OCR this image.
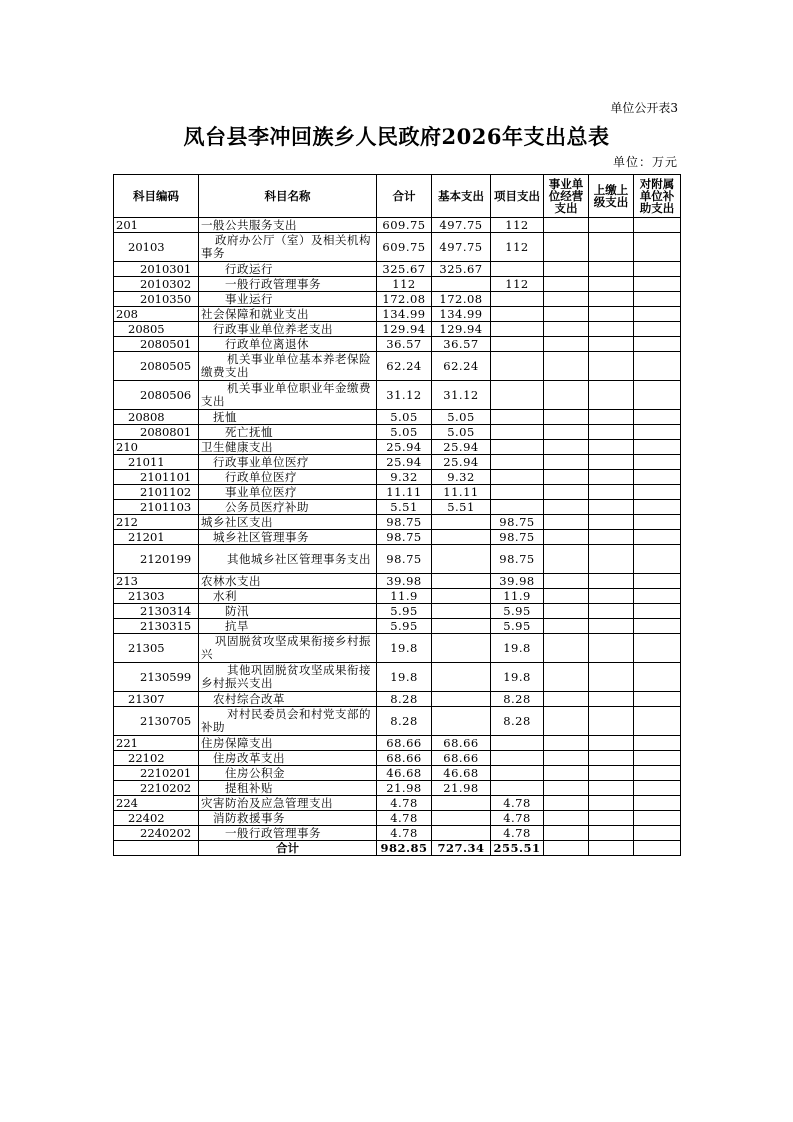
单位公开表3
凤台县李冲回族乡人民政府2026年支出总表
单位：万元
科目编码	科目名称	合计	基本支出	项目支出	事业单位经营支出	上缴上级支出	对附属单位补助支出
201	一般公共服务支出	609.75	497.75	112			
20103	政府办公厅（室）及相关机构事务	609.75	497.75	112			
2010301	行政运行	325.67	325.67				
2010302	一般行政管理事务	112		112			
2010350	事业运行	172.08	172.08				
208	社会保障和就业支出	134.99	134.99				
20805	行政事业单位养老支出	129.94	129.94				
2080501	行政单位离退休	36.57	36.57				
2080505	机关事业单位基本养老保险缴费支出	62.24	62.24				
2080506	机关事业单位职业年金缴费支出	31.12	31.12				
20808	抚恤	5.05	5.05				
2080801	死亡抚恤	5.05	5.05				
210	卫生健康支出	25.94	25.94				
21011	行政事业单位医疗	25.94	25.94				
2101101	行政单位医疗	9.32	9.32				
2101102	事业单位医疗	11.11	11.11				
2101103	公务员医疗补助	5.51	5.51				
212	城乡社区支出	98.75		98.75			
21201	城乡社区管理事务	98.75		98.75			
2120199	其他城乡社区管理事务支出	98.75		98.75			
213	农林水支出	39.98		39.98			
21303	水利	11.9		11.9			
2130314	防汛	5.95		5.95			
2130315	抗旱	5.95		5.95			
21305	巩固脱贫攻坚成果衔接乡村振兴	19.8		19.8			
2130599	其他巩固脱贫攻坚成果衔接乡村振兴支出	19.8		19.8			
21307	农村综合改革	8.28		8.28			
2130705	对村民委员会和村党支部的补助	8.28		8.28			
221	住房保障支出	68.66	68.66				
22102	住房改革支出	68.66	68.66				
2210201	住房公积金	46.68	46.68				
2210202	提租补贴	21.98	21.98				
224	灾害防治及应急管理支出	4.78		4.78			
22402	消防救援事务	4.78		4.78			
2240202	一般行政管理事务	4.78		4.78			
	合计	982.85	727.34	255.51			
